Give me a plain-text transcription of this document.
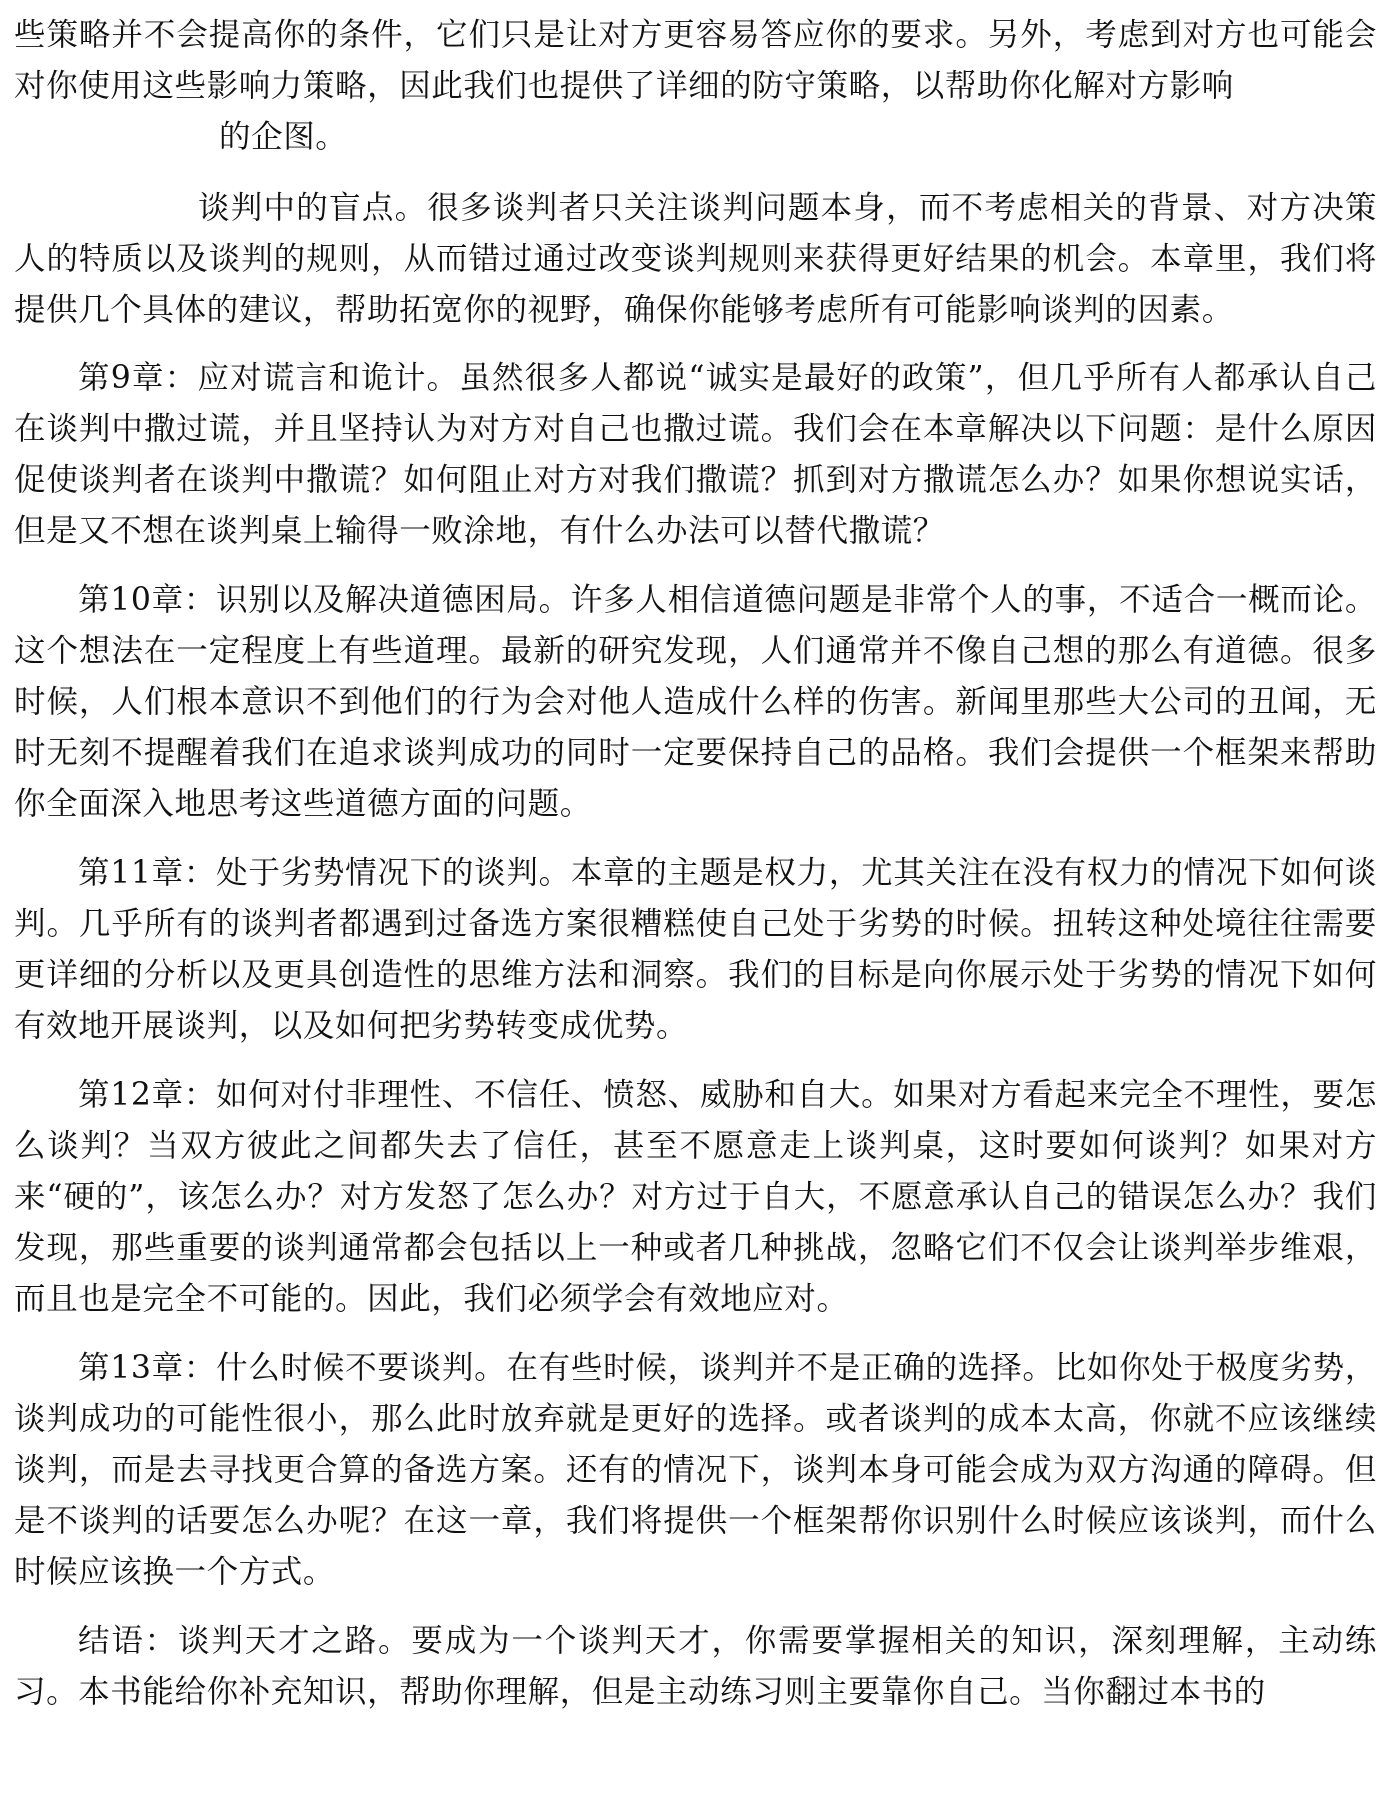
些策略并不会提高你的条件，它们只是让对方更容易答应你的要求。另外，考虑到对方也可能会对你使用这些影响力策略，因此我们也提供了详细的防守策略，以帮助你化解对方影响

的企图。

谈判中的盲点。很多谈判者只关注谈判问题本身，而不考虑相关的背景、对方决策人的特质以及谈判的规则，从而错过通过改变谈判规则来获得更好结果的机会。本章里，我们将提供几个具体的建议，帮助拓宽你的视野，确保你能够考虑所有可能影响谈判的因素。

第9章：应对谎言和诡计。虽然很多人都说“诚实是最好的政策”，但几乎所有人都承认自己在谈判中撒过谎，并且坚持认为对方对自己也撒过谎。我们会在本章解决以下问题：是什么原因促使谈判者在谈判中撒谎？如何阻止对方对我们撒谎？抓到对方撒谎怎么办？如果你想说实话，但是又不想在谈判桌上输得一败涂地，有什么办法可以替代撒谎？

第10章：识别以及解决道德困局。许多人相信道德问题是非常个人的事，不适合一概而论。这个想法在一定程度上有些道理。最新的研究发现，人们通常并不像自己想的那么有道德。很多时候，人们根本意识不到他们的行为会对他人造成什么样的伤害。新闻里那些大公司的丑闻，无时无刻不提醒着我们在追求谈判成功的同时一定要保持自己的品格。我们会提供一个框架来帮助你全面深入地思考这些道德方面的问题。

第11章：处于劣势情况下的谈判。本章的主题是权力，尤其关注在没有权力的情况下如何谈判。几乎所有的谈判者都遇到过备选方案很糟糕使自己处于劣势的时候。扭转这种处境往往需要更详细的分析以及更具创造性的思维方法和洞察。我们的目标是向你展示处于劣势的情况下如何有效地开展谈判，以及如何把劣势转变成优势。

第12章：如何对付非理性、不信任、愤怒、威胁和自大。如果对方看起来完全不理性，要怎么谈判？当双方彼此之间都失去了信任，甚至不愿意走上谈判桌，这时要如何谈判？如果对方来“硬的”，该怎么办？对方发怒了怎么办？对方过于自大，不愿意承认自己的错误怎么办？我们发现，那些重要的谈判通常都会包括以上一种或者几种挑战，忽略它们不仅会让谈判举步维艰，而且也是完全不可能的。因此，我们必须学会有效地应对。

第13章：什么时候不要谈判。在有些时候，谈判并不是正确的选择。比如你处于极度劣势，谈判成功的可能性很小，那么此时放弃就是更好的选择。或者谈判的成本太高，你就不应该继续谈判，而是去寻找更合算的备选方案。还有的情况下，谈判本身可能会成为双方沟通的障碍。但是不谈判的话要怎么办呢？在这一章，我们将提供一个框架帮你识别什么时候应该谈判，而什么时候应该换一个方式。

结语：谈判天才之路。要成为一个谈判天才，你需要掌握相关的知识，深刻理解，主动练习。本书能给你补充知识，帮助你理解，但是主动练习则主要靠你自己。当你翻过本书的
